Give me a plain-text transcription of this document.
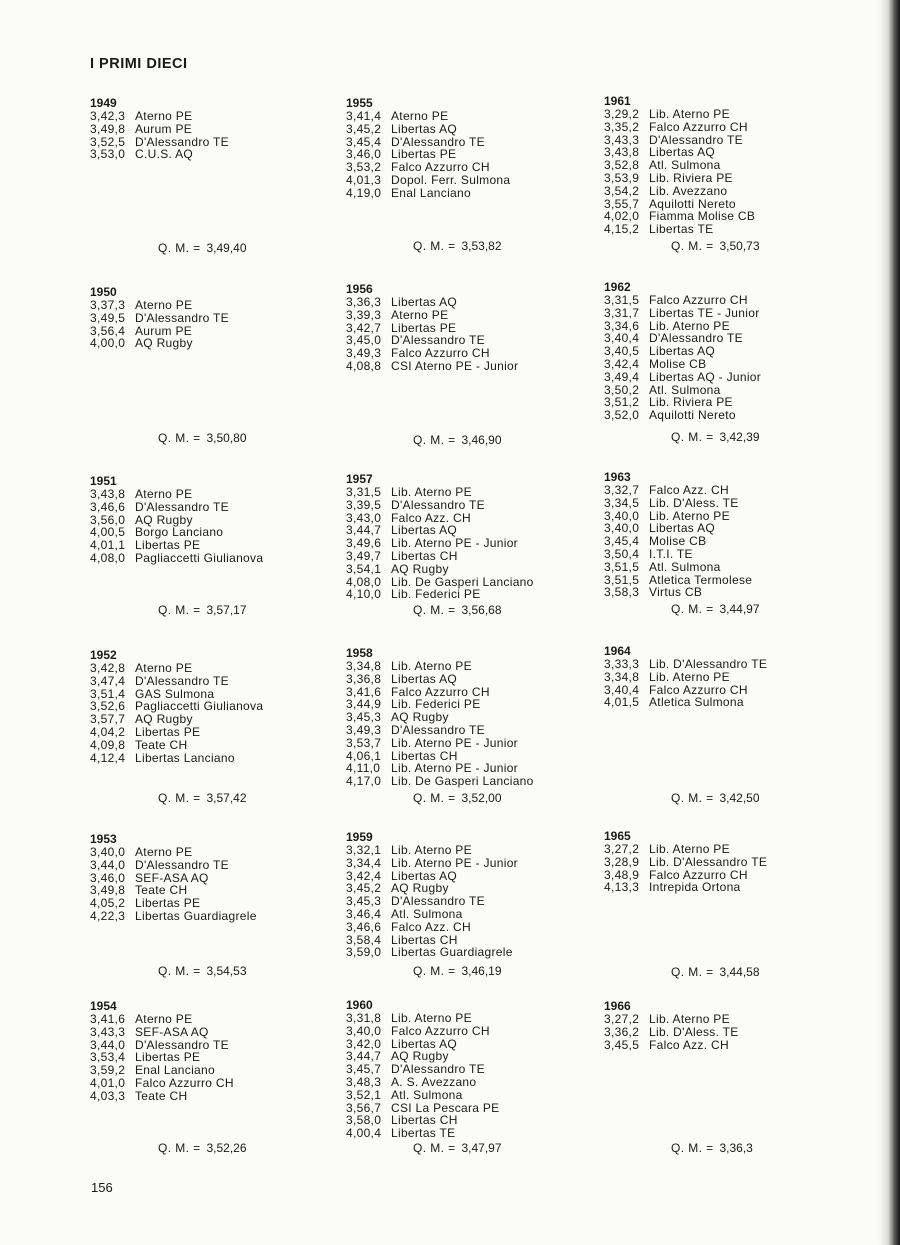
I PRIMI DIECI
1949
3,42,3 Aterno PE
3,49,8 Aurum PE
3,52,5 D'Alessandro TE
3,53,0 C.U.S. AQ
Q. M. = 3,49,40
1955
3,41,4 Aterno PE
3,45,2 Libertas AQ
3,45,4 D'Alessandro TE
3,46,0 Libertas PE
3,53,2 Falco Azzurro CH
4,01,3 Dopol. Ferr. Sulmona
4,19,0 Enal Lanciano
Q. M. = 3,53,82
1961
3,29,2 Lib. Aterno PE
3,35,2 Falco Azzurro CH
3,43,3 D'Alessandro TE
3,43,8 Libertas AQ
3,52,8 Atl. Sulmona
3,53,9 Lib. Riviera PE
3,54,2 Lib. Avezzano
3,55,7 Aquilotti Nereto
4,02,0 Fiamma Molise CB
4,15,2 Libertas TE
Q. M. = 3,50,73
1950
3,37,3 Aterno PE
3,49,5 D'Alessandro TE
3,56,4 Aurum PE
4,00,0 AQ Rugby
Q. M. = 3,50,80
1956
3,36,3 Libertas AQ
3,39,3 Aterno PE
3,42,7 Libertas PE
3,45,0 D'Alessandro TE
3,49,3 Falco Azzurro CH
4,08,8 CSI Aterno PE - Junior
Q. M. = 3,46,90
1962
3,31,5 Falco Azzurro CH
3,31,7 Libertas TE - Junior
3,34,6 Lib. Aterno PE
3,40,4 D'Alessandro TE
3,40,5 Libertas AQ
3,42,4 Molise CB
3,49,4 Libertas AQ - Junior
3,50,2 Atl. Sulmona
3,51,2 Lib. Riviera PE
3,52,0 Aquilotti Nereto
Q. M. = 3,42,39
1951
3,43,8 Aterno PE
3,46,6 D'Alessandro TE
3,56,0 AQ Rugby
4,00,5 Borgo Lanciano
4,01,1 Libertas PE
4,08,0 Pagliaccetti Giulianova
Q. M. = 3,57,17
1957
3,31,5 Lib. Aterno PE
3,39,5 D'Alessandro TE
3,43,0 Falco Azz. CH
3,44,7 Libertas AQ
3,49,6 Lib. Aterno PE - Junior
3,49,7 Libertas CH
3,54,1 AQ Rugby
4,08,0 Lib. De Gasperi Lanciano
4,10,0 Lib. Federici PE
Q. M. = 3,56,68
1963
3,32,7 Falco Azz. CH
3,34,5 Lib. D'Aless. TE
3,40,0 Lib. Aterno PE
3,40,0 Libertas AQ
3,45,4 Molise CB
3,50,4 I.T.I. TE
3,51,5 Atl. Sulmona
3,51,5 Atletica Termolese
3,58,3 Virtus CB
Q. M. = 3,44,97
1952
3,42,8 Aterno PE
3,47,4 D'Alessandro TE
3,51,4 GAS Sulmona
3,52,6 Pagliaccetti Giulianova
3,57,7 AQ Rugby
4,04,2 Libertas PE
4,09,8 Teate CH
4,12,4 Libertas Lanciano
Q. M. = 3,57,42
1958
3,34,8 Lib. Aterno PE
3,36,8 Libertas AQ
3,41,6 Falco Azzurro CH
3,44,9 Lib. Federici PE
3,45,3 AQ Rugby
3,49,3 D'Alessandro TE
3,53,7 Lib. Aterno PE - Junior
4,06,1 Libertas CH
4,11,0 Lib. Aterno PE - Junior
4,17,0 Lib. De Gasperi Lanciano
Q. M. = 3,52,00
1964
3,33,3 Lib. D'Alessandro TE
3,34,8 Lib. Aterno PE
3,40,4 Falco Azzurro CH
4,01,5 Atletica Sulmona
Q. M. = 3,42,50
1953
3,40,0 Aterno PE
3,44,0 D'Alessandro TE
3,46,0 SEF-ASA AQ
3,49,8 Teate CH
4,05,2 Libertas PE
4,22,3 Libertas Guardiagrele
Q. M. = 3,54,53
1959
3,32,1 Lib. Aterno PE
3,34,4 Lib. Aterno PE - Junior
3,42,4 Libertas AQ
3,45,2 AQ Rugby
3,45,3 D'Alessandro TE
3,46,4 Atl. Sulmona
3,46,6 Falco Azz. CH
3,58,4 Libertas CH
3,59,0 Libertas Guardiagrele
Q. M. = 3,46,19
1965
3,27,2 Lib. Aterno PE
3,28,9 Lib. D'Alessandro TE
3,48,9 Falco Azzurro CH
4,13,3 Intrepida Ortona
Q. M. = 3,44,58
1954
3,41,6 Aterno PE
3,43,3 SEF-ASA AQ
3,44,0 D'Alessandro TE
3,53,4 Libertas PE
3,59,2 Enal Lanciano
4,01,0 Falco Azzurro CH
4,03,3 Teate CH
Q. M. = 3,52,26
1960
3,31,8 Lib. Aterno PE
3,40,0 Falco Azzurro CH
3,42,0 Libertas AQ
3,44,7 AQ Rugby
3,45,7 D'Alessandro TE
3,48,3 A. S. Avezzano
3,52,1 Atl. Sulmona
3,56,7 CSI La Pescara PE
3,58,0 Libertas CH
4,00,4 Libertas TE
Q. M. = 3,47,97
1966
3,27,2 Lib. Aterno PE
3,36,2 Lib. D'Aless. TE
3,45,5 Falco Azz. CH
Q. M. = 3,36,3
156
